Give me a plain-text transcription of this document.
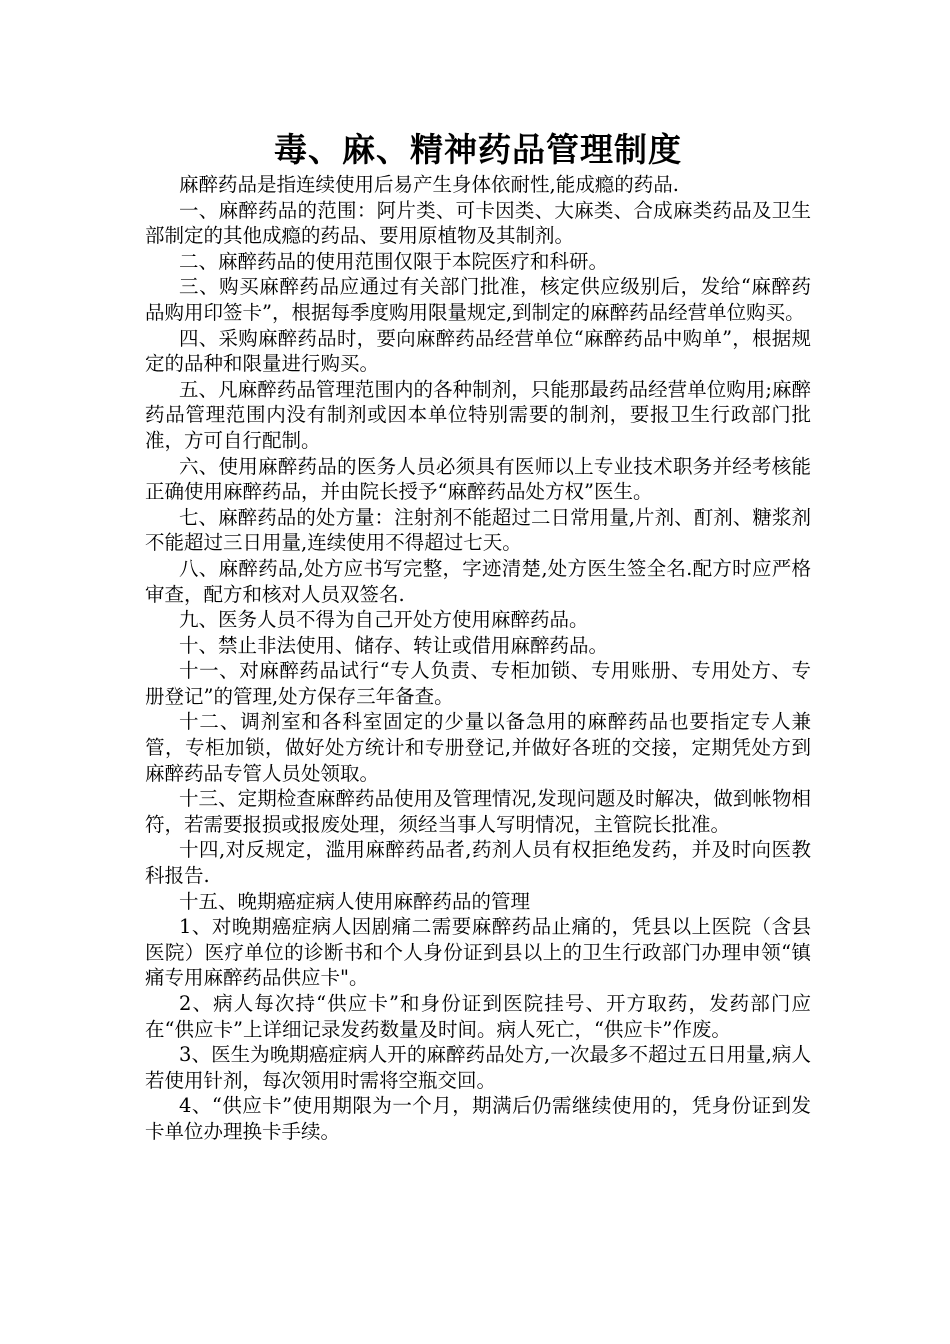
毒、麻、精神药品管理制度

麻醉药品是指连续使用后易产生身体依耐性,能成瘾的药品.

一、麻醉药品的范围：阿片类、可卡因类、大麻类、合成麻类药品及卫生部制定的其他成瘾的药品、要用原植物及其制剂。

二、麻醉药品的使用范围仅限于本院医疗和科研。

三、购买麻醉药品应通过有关部门批准，核定供应级别后，发给“麻醉药品购用印签卡”，根据每季度购用限量规定,到制定的麻醉药品经营单位购买。

四、采购麻醉药品时，要向麻醉药品经营单位“麻醉药品中购单”，根据规定的品种和限量进行购买。

五、凡麻醉药品管理范围内的各种制剂，只能那最药品经营单位购用;麻醉药品管理范围内没有制剂或因本单位特别需要的制剂，要报卫生行政部门批准，方可自行配制。

六、使用麻醉药品的医务人员必须具有医师以上专业技术职务并经考核能正确使用麻醉药品，并由院长授予“麻醉药品处方权”医生。

七、麻醉药品的处方量：注射剂不能超过二日常用量,片剂、酊剂、糖浆剂不能超过三日用量,连续使用不得超过七天。

八、麻醉药品,处方应书写完整，字迹清楚,处方医生签全名.配方时应严格审查，配方和核对人员双签名.

九、医务人员不得为自己开处方使用麻醉药品。

十、禁止非法使用、储存、转让或借用麻醉药品。

十一、对麻醉药品试行“专人负责、专柜加锁、专用账册、专用处方、专册登记”的管理,处方保存三年备查。

十二、调剂室和各科室固定的少量以备急用的麻醉药品也要指定专人兼管，专柜加锁，做好处方统计和专册登记,并做好各班的交接，定期凭处方到麻醉药品专管人员处领取。

十三、定期检查麻醉药品使用及管理情况,发现问题及时解决，做到帐物相符，若需要报损或报废处理，须经当事人写明情况，主管院长批准。

十四,对反规定，滥用麻醉药品者,药剂人员有权拒绝发药，并及时向医教科报告.

十五、晚期癌症病人使用麻醉药品的管理

1、对晚期癌症病人因剧痛二需要麻醉药品止痛的，凭县以上医院（含县医院）医疗单位的诊断书和个人身份证到县以上的卫生行政部门办理申领“镇痛专用麻醉药品供应卡"。

2、病人每次持“供应卡”和身份证到医院挂号、开方取药，发药部门应在“供应卡”上详细记录发药数量及时间。病人死亡，“供应卡”作废。

3、医生为晚期癌症病人开的麻醉药品处方,一次最多不超过五日用量,病人若使用针剂，每次领用时需将空瓶交回。

4、“供应卡”使用期限为一个月，期满后仍需继续使用的，凭身份证到发卡单位办理换卡手续。
